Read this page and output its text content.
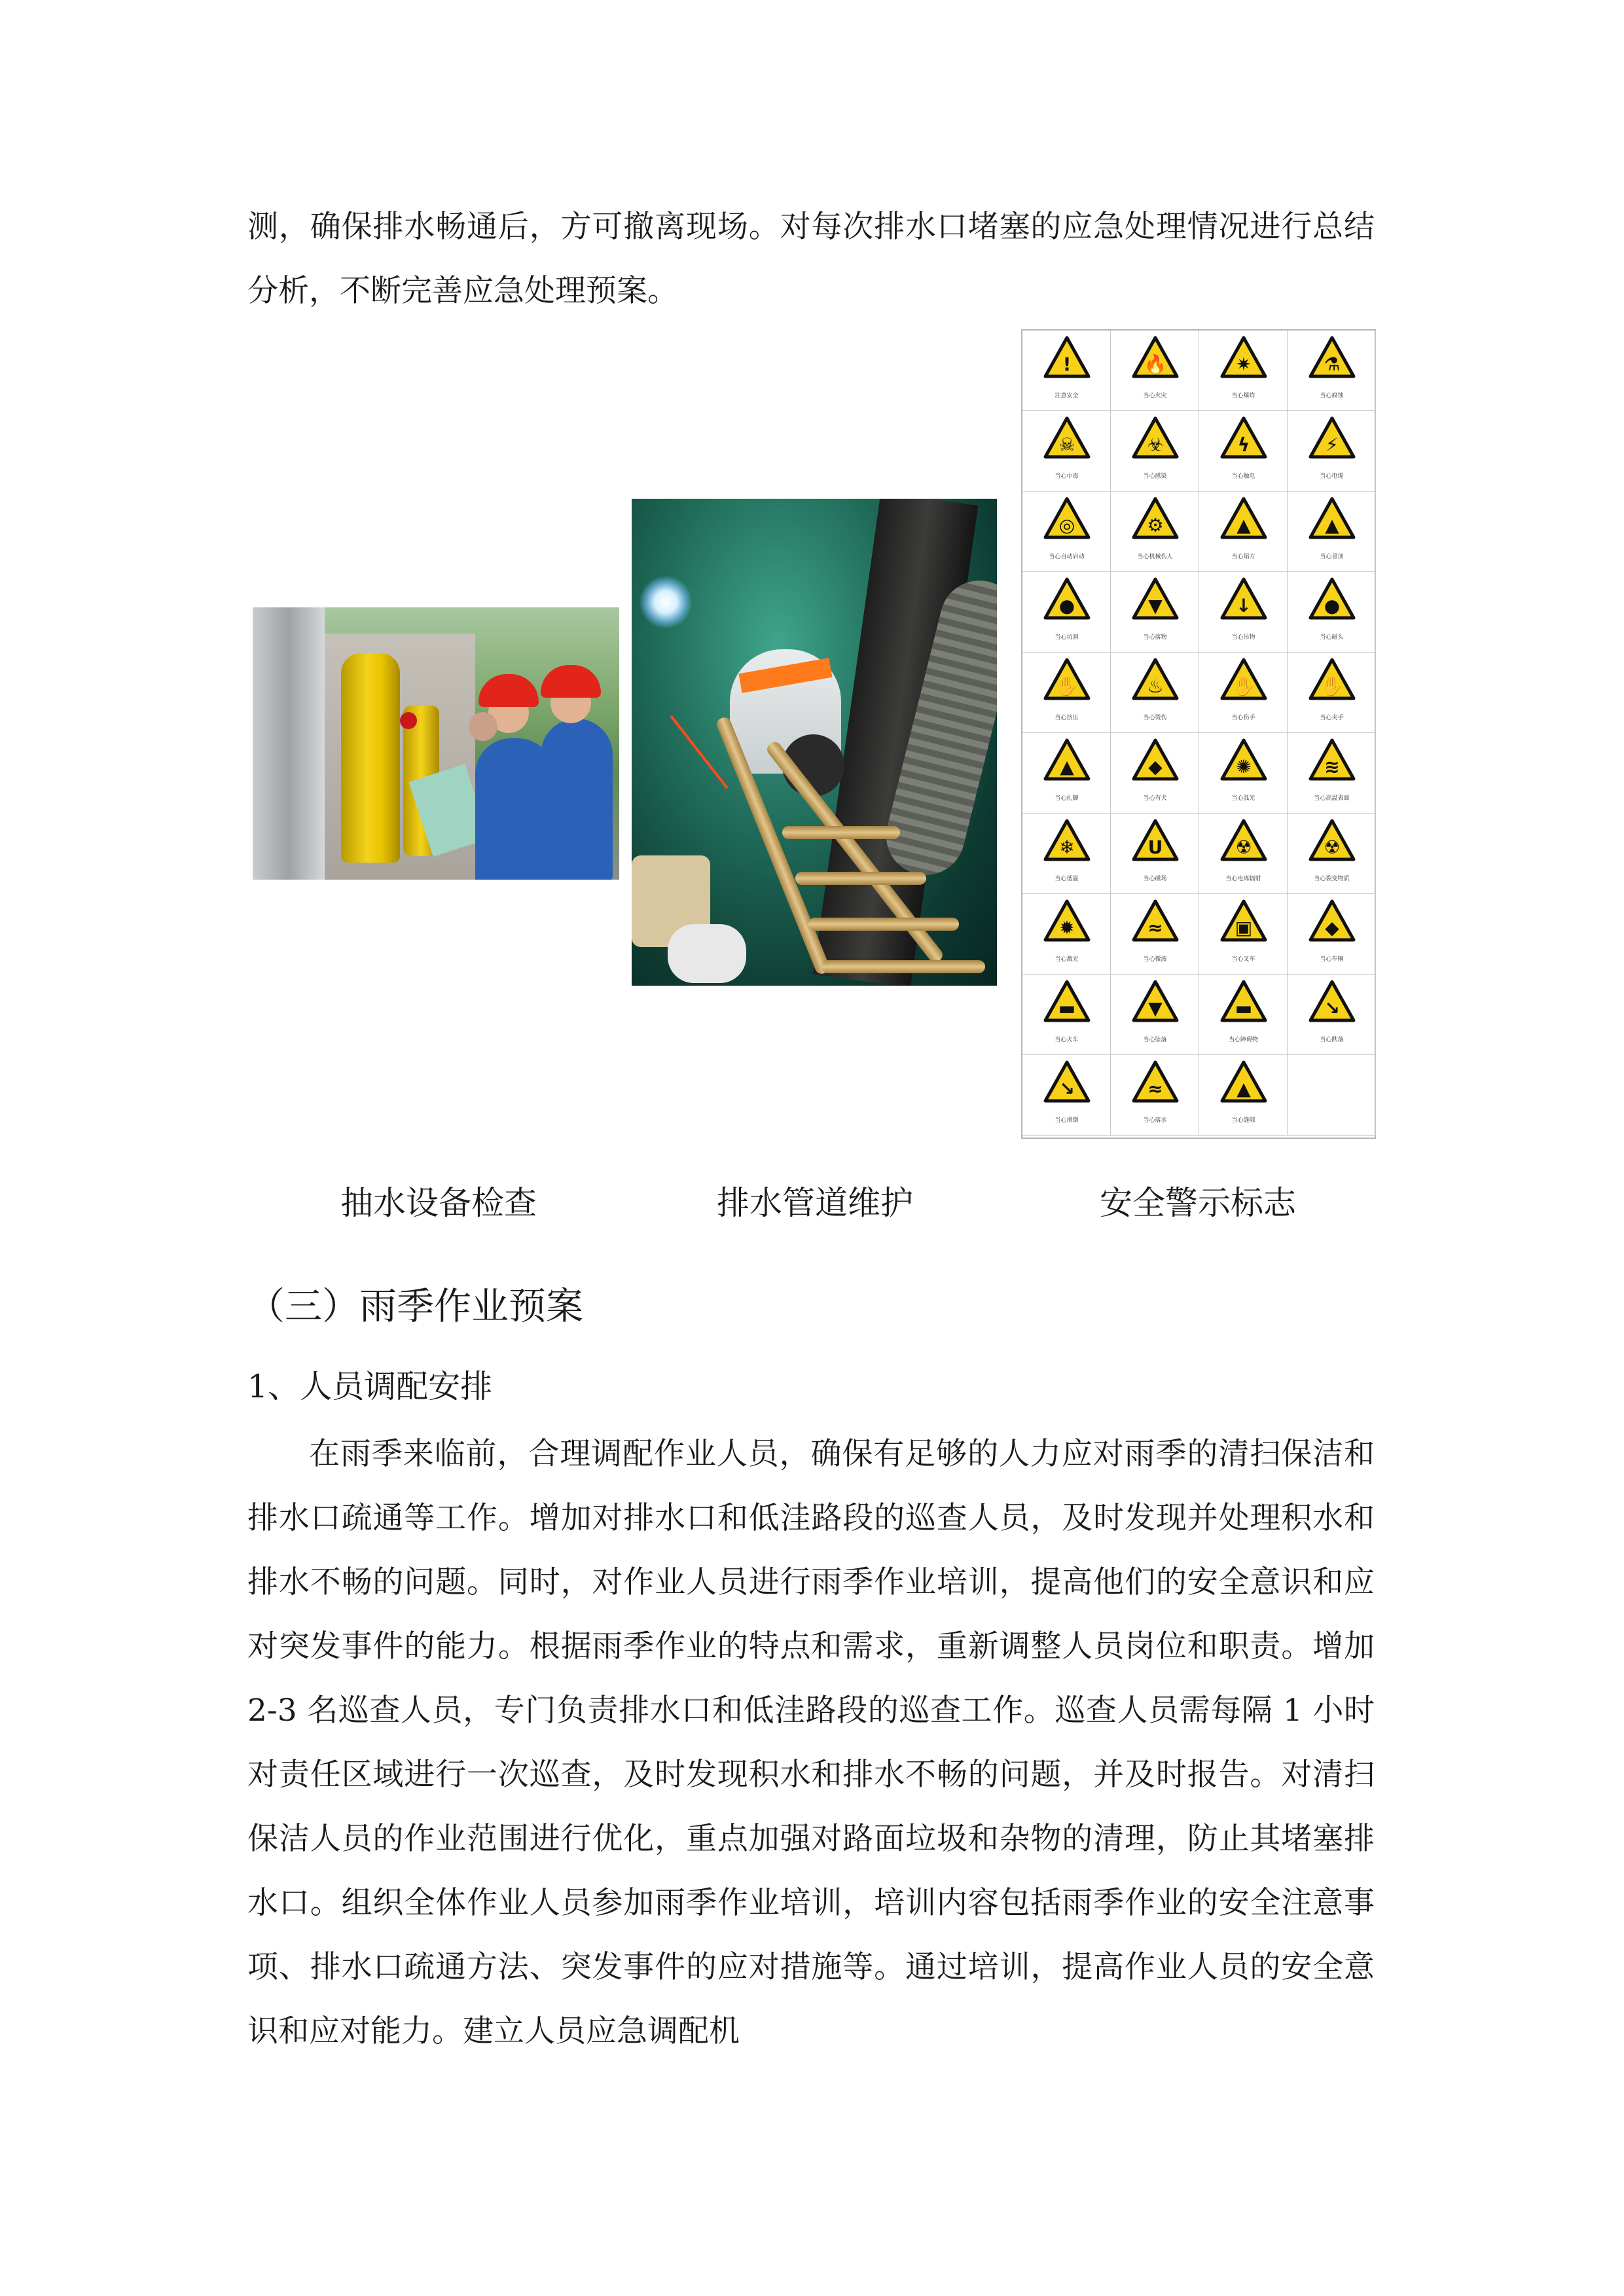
测，确保排水畅通后，方可撤离现场。对每次排水口堵塞的应急处理情况进行总结分析，不断完善应急处理预案。

!
注意安全
🔥
当心火灾
✷
当心爆炸
⚗
当心腐蚀
☠
当心中毒
☣
当心感染
ϟ
当心触电
⚡
当心电缆
◎
当心自动启动
⚙
当心机械伤人
▲
当心塌方
▲
当心冒顶
●
当心坑洞
▼
当心落物
↓
当心吊物
●
当心碰头
✋
当心挤压
♨
当心烫伤
✋
当心伤手
✋
当心夹手
▲
当心扎脚
◆
当心有犬
✺
当心弧光
≋
当心高温表面
❄
当心低温
U
当心磁场
☢
当心电离辐射
☢
当心裂变物质
✹
当心激光
≈
当心微波
▣
当心叉车
◆
当心车辆
▬
当心火车
▼
当心坠落
▬
当心障碍物
↘
当心跌落
↘
当心滑倒
≈
当心落水
▲
当心缝隙

抽水设备检查	排水管道维护	安全警示标志

（三）雨季作业预案
1、人员调配安排

在雨季来临前，合理调配作业人员，确保有足够的人力应对雨季的清扫保洁和排水口疏通等工作。增加对排水口和低洼路段的巡查人员，及时发现并处理积水和排水不畅的问题。同时，对作业人员进行雨季作业培训，提高他们的安全意识和应对突发事件的能力。根据雨季作业的特点和需求，重新调整人员岗位和职责。增加 2-3 名巡查人员，专门负责排水口和低洼路段的巡查工作。巡查人员需每隔 1 小时对责任区域进行一次巡查，及时发现积水和排水不畅的问题，并及时报告。对清扫保洁人员的作业范围进行优化，重点加强对路面垃圾和杂物的清理，防止其堵塞排水口。组织全体作业人员参加雨季作业培训，培训内容包括雨季作业的安全注意事项、排水口疏通方法、突发事件的应对措施等。通过培训，提高作业人员的安全意识和应对能力。建立人员应急调配机
